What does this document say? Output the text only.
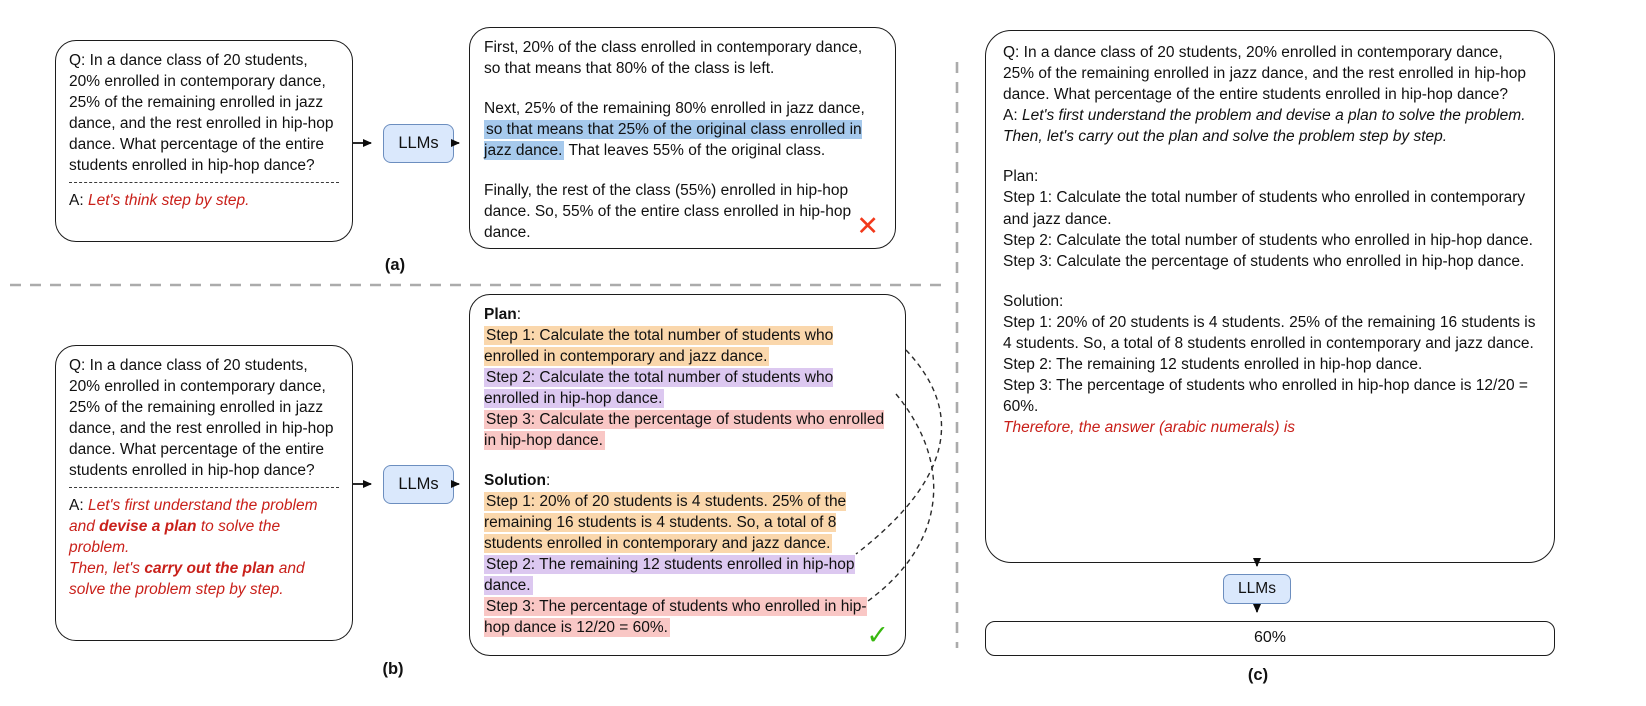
Q: In a dance class of 20 students, 20% enrolled in contemporary dance, 25% of the remaining enrolled in jazz dance, and the rest enrolled in hip-hop dance. What percentage of the entire students enrolled in hip-hop dance?
A: Let's think step by step.
LLMs
First, 20% of the class enrolled in contemporary dance, so that means that 80% of the class is left.
Next, 25% of the remaining 80% enrolled in jazz dance, so that means that 25% of the original class enrolled in jazz dance. That leaves 55% of the original class.
Finally, the rest of the class (55%) enrolled in hip-hop dance. So, 55% of the entire class enrolled in hip-hop dance.	✕
(a)
Q: In a dance class of 20 students, 20% enrolled in contemporary dance, 25% of the remaining enrolled in jazz dance, and the rest enrolled in hip-hop dance. What percentage of the entire students enrolled in hip-hop dance?
A: Let's first understand the problem and devise a plan to solve the problem.
Then, let's carry out the plan and solve the problem step by step.
LLMs
Plan:
Step 1: Calculate the total number of students who enrolled in contemporary and jazz dance.
Step 2: Calculate the total number of students who enrolled in hip-hop dance.
Step 3: Calculate the percentage of students who enrolled in hip-hop dance.
Solution:
Step 1: 20% of 20 students is 4 students. 25% of the remaining 16 students is 4 students. So, a total of 8 students enrolled in contemporary and jazz dance.
Step 2: The remaining 12 students enrolled in hip-hop dance.
Step 3: The percentage of students who enrolled in hip-hop dance is 12/20 = 60%.	✓
(b)
Q: In a dance class of 20 students, 20% enrolled in contemporary dance, 25% of the remaining enrolled in jazz dance, and the rest enrolled in hip-hop dance. What percentage of the entire students enrolled in hip-hop dance?
A: Let's first understand the problem and devise a plan to solve the problem.
Then, let's carry out the plan and solve the problem step by step.
Plan:
Step 1: Calculate the total number of students who enrolled in contemporary and jazz dance.
Step 2: Calculate the total number of students who enrolled in hip-hop dance.
Step 3: Calculate the percentage of students who enrolled in hip-hop dance.
Solution:
Step 1: 20% of 20 students is 4 students. 25% of the remaining 16 students is 4 students. So, a total of 8 students enrolled in contemporary and jazz dance.
Step 2: The remaining 12 students enrolled in hip-hop dance.
Step 3: The percentage of students who enrolled in hip-hop dance is 12/20 = 60%.
Therefore, the answer (arabic numerals) is
LLMs
60%
(c)
